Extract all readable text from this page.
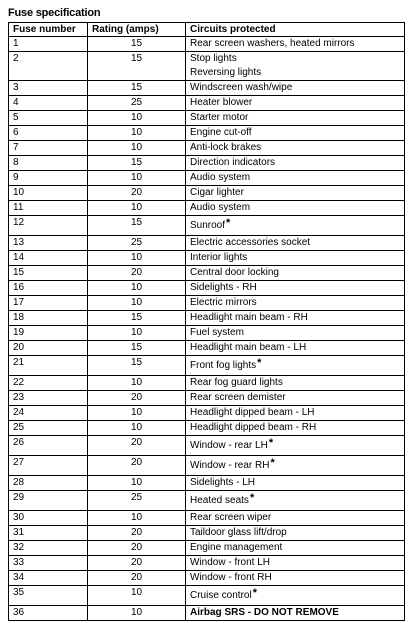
Fuse specification
Fuse number	Rating (amps)	Circuits protected
1	15	Rear screen washers, heated mirrors
2	15	Stop lights
Reversing lights

3	15	Windscreen wash/wipe
4	25	Heater blower
5	10	Starter motor
6	10	Engine cut-off
7	10	Anti-lock brakes
8	15	Direction indicators
9	10	Audio system
10	20	Cigar lighter
11	10	Audio system
12	15	Sunroof*
13	25	Electric accessories socket
14	10	Interior lights
15	20	Central door locking
16	10	Sidelights - RH
17	10	Electric mirrors
18	15	Headlight main beam - RH
19	10	Fuel system
20	15	Headlight main beam - LH
21	15	Front fog lights*
22	10	Rear fog guard lights
23	20	Rear screen demister
24	10	Headlight dipped beam - LH
25	10	Headlight dipped beam - RH
26	20	Window - rear LH*
27	20	Window - rear RH*
28	10	Sidelights - LH
29	25	Heated seats*
30	10	Rear screen wiper
31	20	Taildoor glass lift/drop
32	20	Engine management
33	20	Window - front LH
34	20	Window - front RH
35	10	Cruise control*
36	10	Airbag SRS - DO NOT REMOVE
